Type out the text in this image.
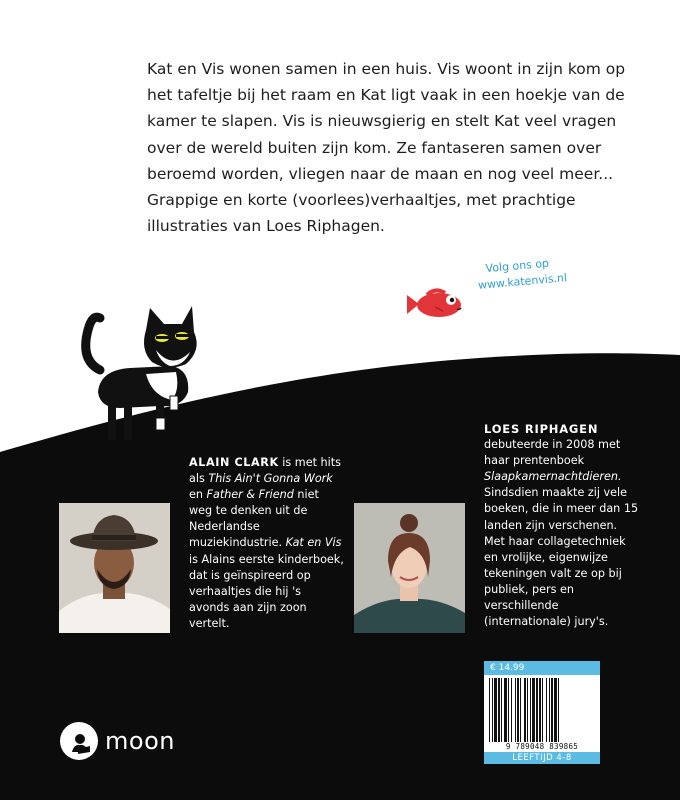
Kat en Vis wonen samen in een huis. Vis woont in zijn kom op het tafeltje bij het raam en Kat ligt vaak in een hoekje van de kamer te slapen. Vis is nieuwsgierig en stelt Kat veel vragen over de wereld buiten zijn kom. Ze fantaseren samen over beroemd worden, vliegen naar de maan en nog veel meer...

Grappige en korte (voorlees)verhaaltjes, met prachtige illustraties van Loes Riphagen.

Volg ons op
www.katenvis.nl

ALAIN CLARK is met hits als This Ain't Gonna Work en Father & Friend niet weg te denken uit de Nederlandse muziekindustrie. Kat en Vis is Alains eerste kinderboek, dat is geïnspireerd op verhaaltjes die hij 's avonds aan zijn zoon vertelt.

LOES RIPHAGEN

debuteerde in 2008 met haar prentenboek Slaapkamernachtdieren. Sindsdien maakte zij vele boeken, die in meer dan 15 landen zijn verschenen. Met haar collagetechniek en vrolijke, eigenwijze tekeningen valt ze op bij publiek, pers en verschillende (internationale) jury's.

€ 14.99
9 789048 839865
LEEFTIJD 4-8
moon
